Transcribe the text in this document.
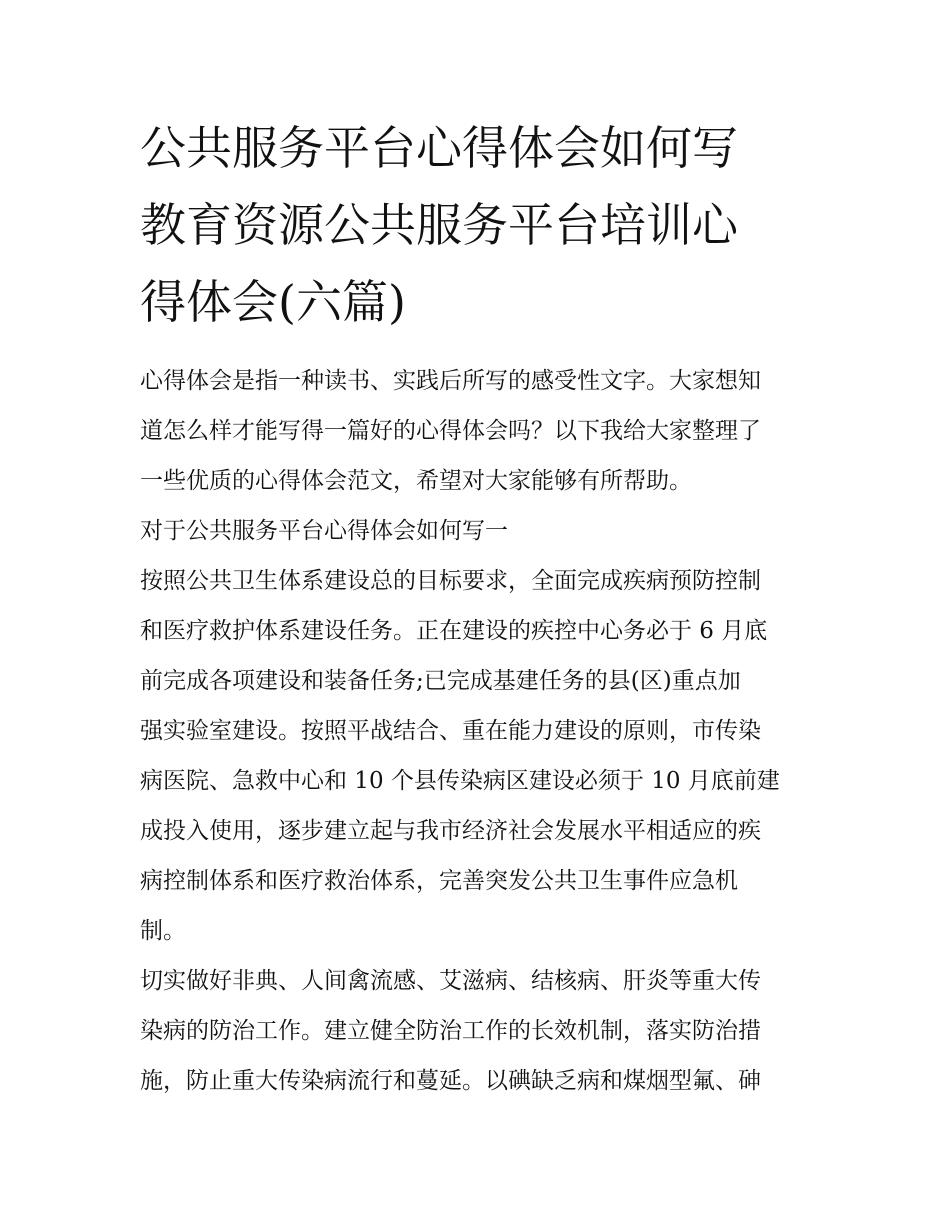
公共服务平台心得体会如何写
教育资源公共服务平台培训心
得体会(六篇)
心得体会是指一种读书、实践后所写的感受性文字。大家想知
道怎么样才能写得一篇好的心得体会吗？以下我给大家整理了
一些优质的心得体会范文，希望对大家能够有所帮助。
对于公共服务平台心得体会如何写一
按照公共卫生体系建设总的目标要求，全面完成疾病预防控制
和医疗救护体系建设任务。正在建设的疾控中心务必于 6 月底
前完成各项建设和装备任务;已完成基建任务的县(区)重点加
强实验室建设。按照平战结合、重在能力建设的原则，市传染
病医院、急救中心和 10 个县传染病区建设必须于 10 月底前建
成投入使用，逐步建立起与我市经济社会发展水平相适应的疾
病控制体系和医疗救治体系，完善突发公共卫生事件应急机
制。
切实做好非典、人间禽流感、艾滋病、结核病、肝炎等重大传
染病的防治工作。建立健全防治工作的长效机制，落实防治措
施，防止重大传染病流行和蔓延。以碘缺乏病和煤烟型氟、砷
